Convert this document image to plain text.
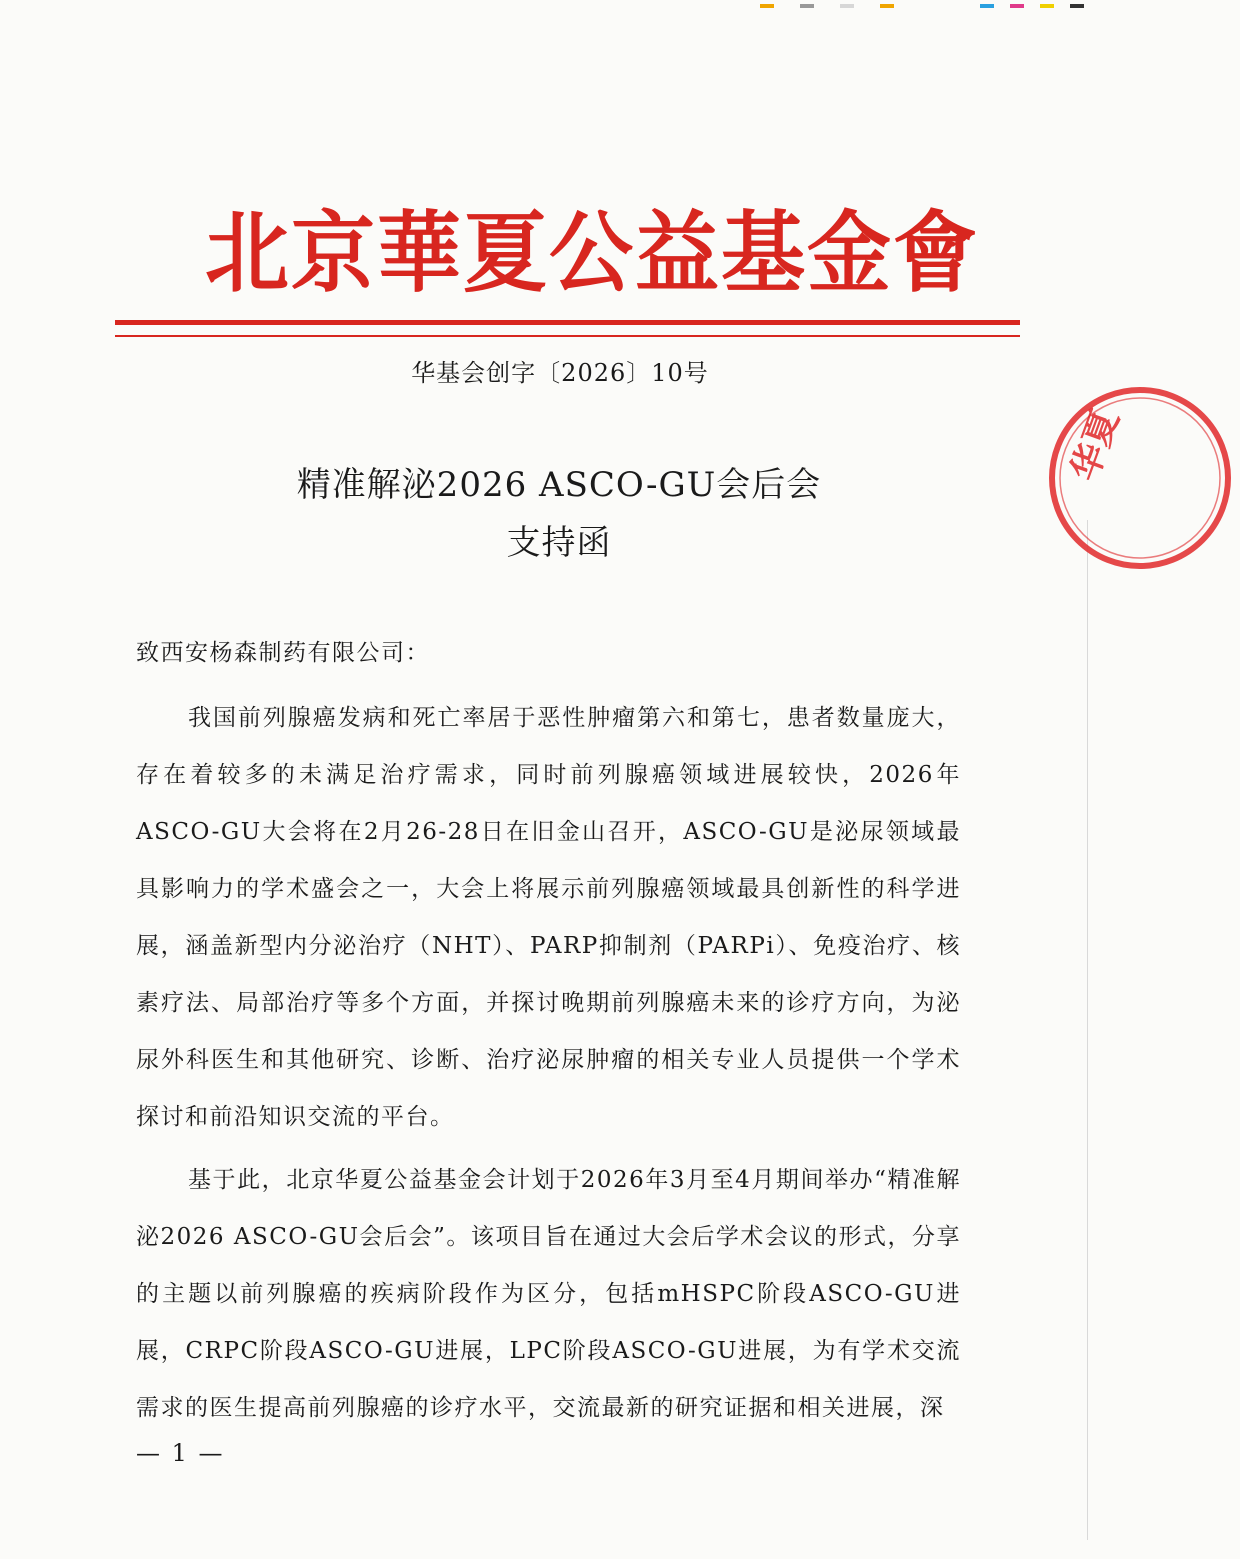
北京華夏公益基金會
华基会创字〔2026〕10号
精准解泌2026 ASCO-GU会后会
支持函
致西安杨森制药有限公司：
我国前列腺癌发病和死亡率居于恶性肿瘤第六和第七，患者数量庞大，存在着较多的未满足治疗需求，同时前列腺癌领域进展较快，2026年ASCO-GU大会将在2月26-28日在旧金山召开，ASCO-GU是泌尿领域最具影响力的学术盛会之一，大会上将展示前列腺癌领域最具创新性的科学进展，涵盖新型内分泌治疗（NHT）、PARP抑制剂（PARPi）、免疫治疗、核素疗法、局部治疗等多个方面，并探讨晚期前列腺癌未来的诊疗方向，为泌尿外科医生和其他研究、诊断、治疗泌尿肿瘤的相关专业人员提供一个学术探讨和前沿知识交流的平台。
基于此，北京华夏公益基金会计划于2026年3月至4月期间举办“精准解泌2026 ASCO-GU会后会”。该项目旨在通过大会后学术会议的形式，分享的主题以前列腺癌的疾病阶段作为区分，包括mHSPC阶段ASCO-GU进展，CRPC阶段ASCO-GU进展，LPC阶段ASCO-GU进展，为有学术交流需求的医生提高前列腺癌的诊疗水平，交流最新的研究证据和相关进展，深
— 1 —
华夏
